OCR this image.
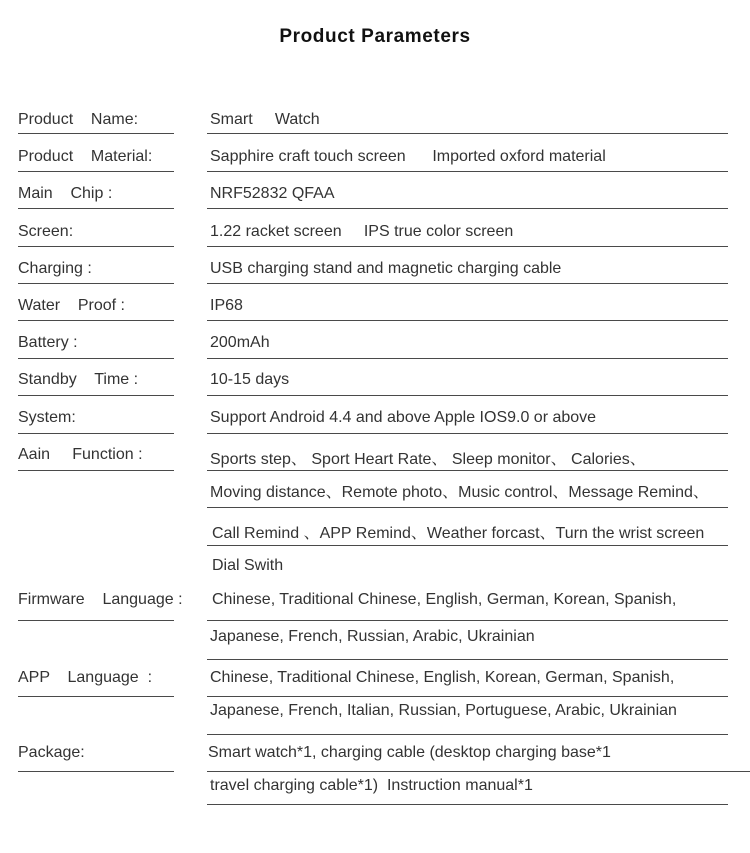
Product Parameters
Product    Name:	Smart     Watch
Product    Material:	Sapphire craft touch screen      Imported oxford material
Main    Chip :	NRF52832 QFAA
Screen:	1.22 racket screen     IPS true color screen
Charging :	USB charging stand and magnetic charging cable
Water    Proof :	IP68
Battery :	200mAh
Standby    Time :	10-15 days
System:	Support Android 4.4 and above Apple IOS9.0 or above
Aain     Function :	Sports step、 Sport Heart Rate、 Sleep monitor、 Calories、
Moving distance、Remote photo、Music control、Message Remind、
Call Remind 、APP Remind、Weather forcast、Turn the wrist screen
Dial Swith
Firmware    Language : Chinese, Traditional Chinese, English, German, Korean, Spanish,
Japanese, French, Russian, Arabic, Ukrainian
APP    Language  :	Chinese, Traditional Chinese, English, Korean, German, Spanish,
Japanese, French, Italian, Russian, Portuguese, Arabic, Ukrainian
Package:	Smart watch*1, charging cable (desktop charging base*1
travel charging cable*1)  Instruction manual*1
